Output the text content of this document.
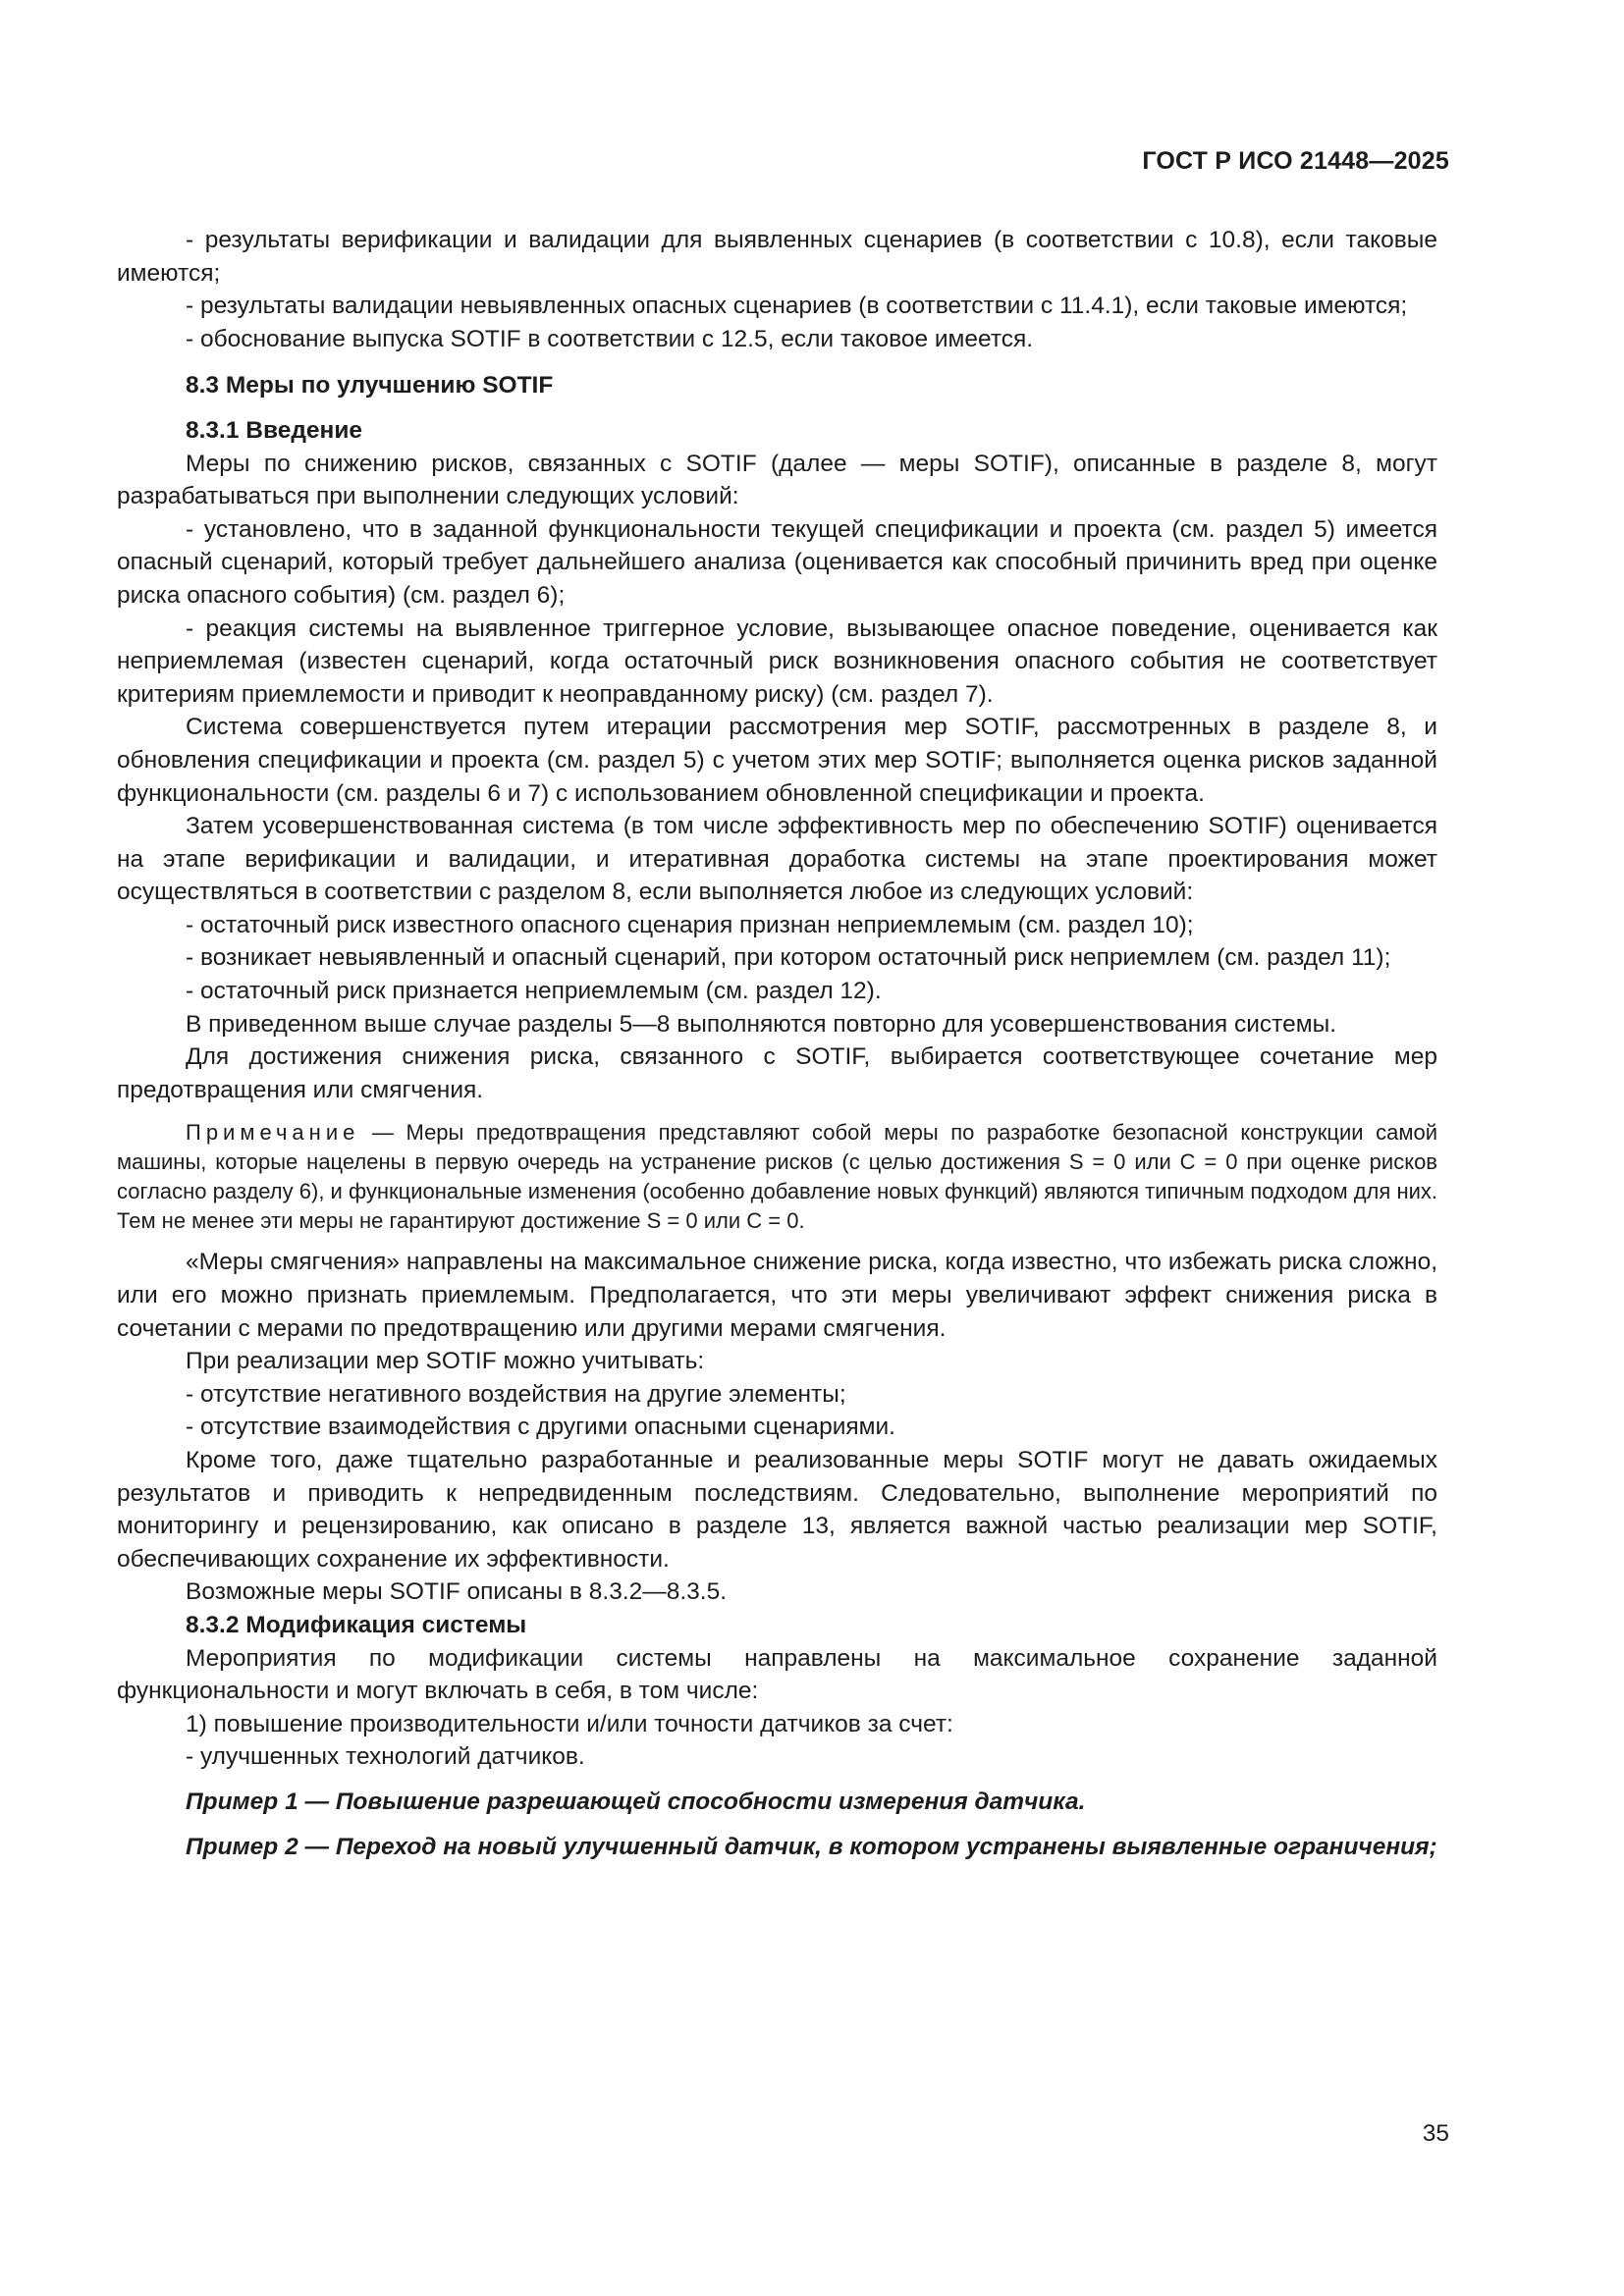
ГОСТ Р ИСО 21448—2025

- результаты верификации и валидации для выявленных сценариев (в соответствии с 10.8), если таковые имеются;

- результаты валидации невыявленных опасных сценариев (в соответствии с 11.4.1), если таковые имеются;

- обоснование выпуска SOTIF в соответствии с 12.5, если таковое имеется.

8.3 Меры по улучшению SOTIF
8.3.1 Введение

Меры по снижению рисков, связанных с SOTIF (далее — меры SOTIF), описанные в разделе 8, могут разрабатываться при выполнении следующих условий:

- установлено, что в заданной функциональности текущей спецификации и проекта (см. раздел 5) имеется опасный сценарий, который требует дальнейшего анализа (оценивается как способный причинить вред при оценке риска опасного события) (см. раздел 6);

- реакция системы на выявленное триггерное условие, вызывающее опасное поведение, оценивается как неприемлемая (известен сценарий, когда остаточный риск возникновения опасного события не соответствует критериям приемлемости и приводит к неоправданному риску) (см. раздел 7).

Система совершенствуется путем итерации рассмотрения мер SOTIF, рассмотренных в разделе 8, и обновления спецификации и проекта (см. раздел 5) с учетом этих мер SOTIF; выполняется оценка рисков заданной функциональности (см. разделы 6 и 7) с использованием обновленной спецификации и проекта.

Затем усовершенствованная система (в том числе эффективность мер по обеспечению SOTIF) оценивается на этапе верификации и валидации, и итеративная доработка системы на этапе проектирования может осуществляться в соответствии с разделом 8, если выполняется любое из следующих условий:

- остаточный риск известного опасного сценария признан неприемлемым (см. раздел 10);

- возникает невыявленный и опасный сценарий, при котором остаточный риск неприемлем (см. раздел 11);

- остаточный риск признается неприемлемым (см. раздел 12).

В приведенном выше случае разделы 5—8 выполняются повторно для усовершенствования системы.

Для достижения снижения риска, связанного с SOTIF, выбирается соответствующее сочетание мер предотвращения или смягчения.

Примечание — Меры предотвращения представляют собой меры по разработке безопасной конструкции самой машины, которые нацелены в первую очередь на устранение рисков (с целью достижения S = 0 или C = 0 при оценке рисков согласно разделу 6), и функциональные изменения (особенно добавление новых функций) являются типичным подходом для них. Тем не менее эти меры не гарантируют достижение S = 0 или C = 0.

«Меры смягчения» направлены на максимальное снижение риска, когда известно, что избежать риска сложно, или его можно признать приемлемым. Предполагается, что эти меры увеличивают эффект снижения риска в сочетании с мерами по предотвращению или другими мерами смягчения.

При реализации мер SOTIF можно учитывать:

- отсутствие негативного воздействия на другие элементы;

- отсутствие взаимодействия с другими опасными сценариями.

Кроме того, даже тщательно разработанные и реализованные меры SOTIF могут не давать ожидаемых результатов и приводить к непредвиденным последствиям. Следовательно, выполнение мероприятий по мониторингу и рецензированию, как описано в разделе 13, является важной частью реализации мер SOTIF, обеспечивающих сохранение их эффективности.

Возможные меры SOTIF описаны в 8.3.2—8.3.5.

8.3.2 Модификация системы

Мероприятия по модификации системы направлены на максимальное сохранение заданной функциональности и могут включать в себя, в том числе:

1) повышение производительности и/или точности датчиков за счет:

- улучшенных технологий датчиков.

Пример 1 — Повышение разрешающей способности измерения датчика.

Пример 2 — Переход на новый улучшенный датчик, в котором устранены выявленные ограничения;

35
